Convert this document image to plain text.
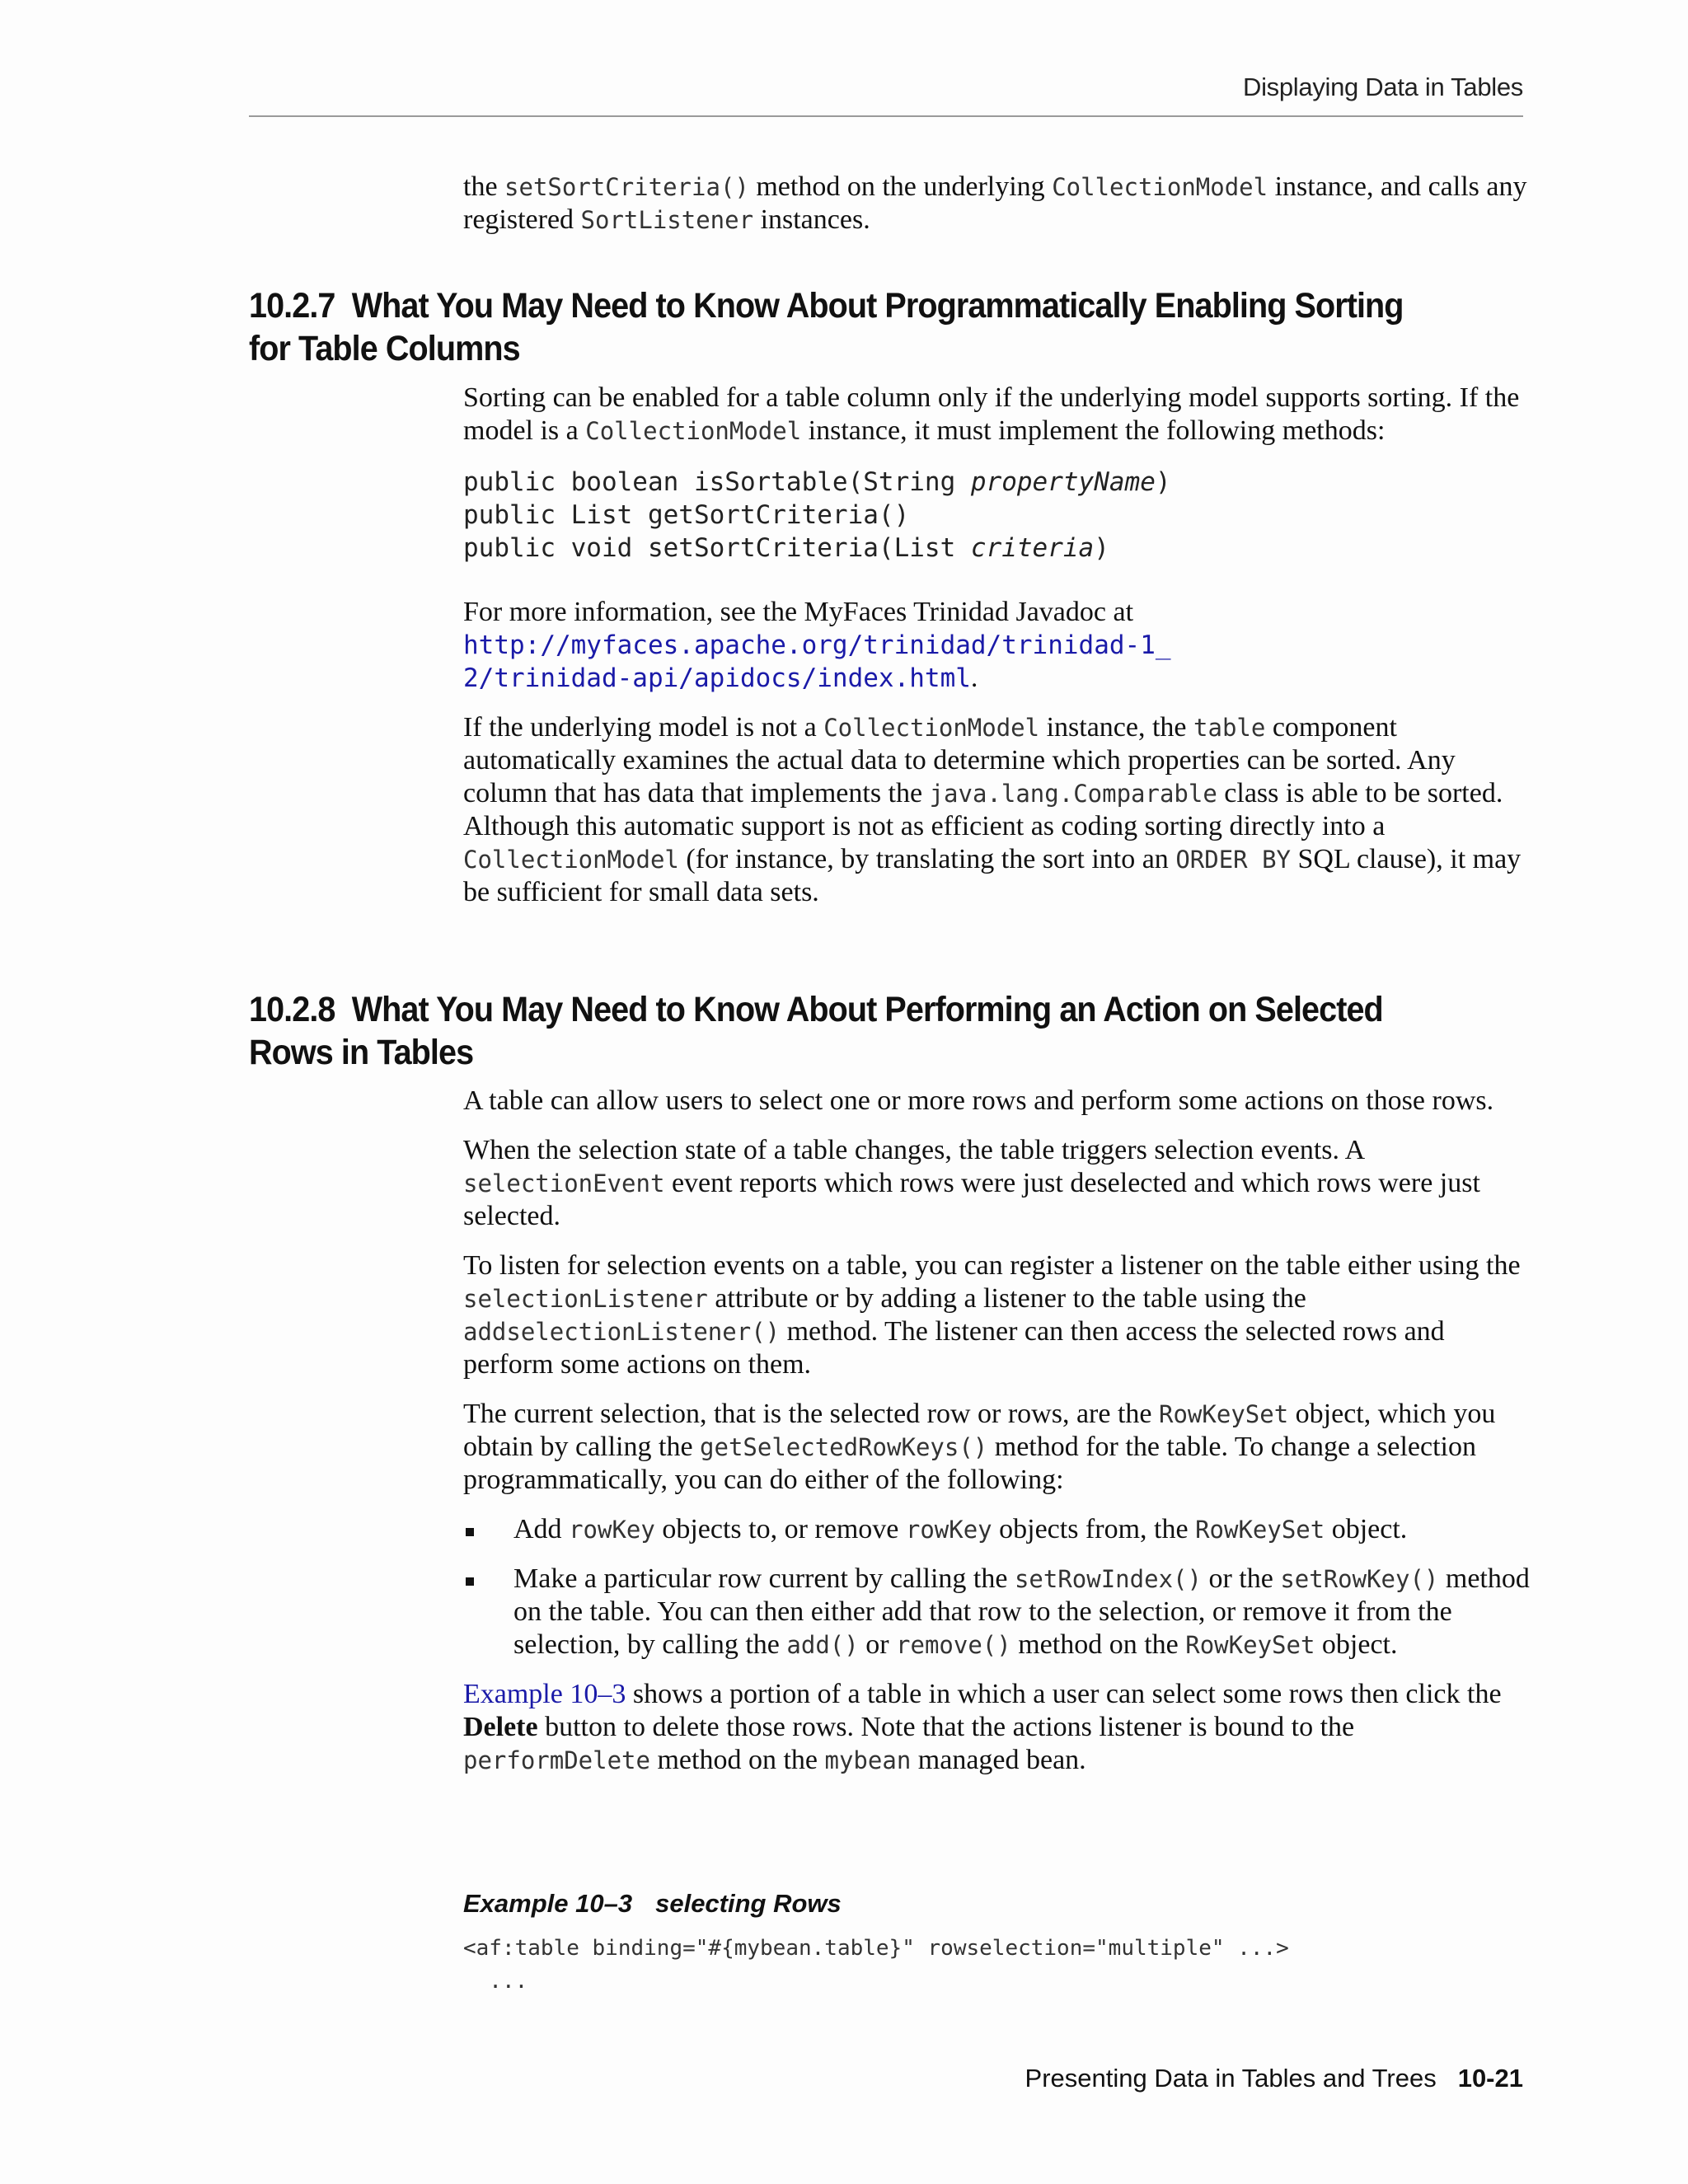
Displaying Data in Tables
the setSortCriteria() method on the underlying CollectionModel instance, and calls any registered SortListener instances.
10.2.7 What You May Need to Know About Programmatically Enabling Sorting for Table Columns

Sorting can be enabled for a table column only if the underlying model supports sorting. If the model is a CollectionModel instance, it must implement the following methods:

public boolean isSortable(String propertyName)
public List getSortCriteria()
public void setSortCriteria(List criteria)

For more information, see the MyFaces Trinidad Javadoc at
http://myfaces.apache.org/trinidad/trinidad-1_
2/trinidad-api/apidocs/index.html.

If the underlying model is not a CollectionModel instance, the table component automatically examines the actual data to determine which properties can be sorted. Any column that has data that implements the java.lang.Comparable class is able to be sorted. Although this automatic support is not as efficient as coding sorting directly into a CollectionModel (for instance, by translating the sort into an ORDER BY SQL clause), it may be sufficient for small data sets.

10.2.8 What You May Need to Know About Performing an Action on Selected Rows in Tables

A table can allow users to select one or more rows and perform some actions on those rows.

When the selection state of a table changes, the table triggers selection events. A selectionEvent event reports which rows were just deselected and which rows were just selected.

To listen for selection events on a table, you can register a listener on the table either using the selectionListener attribute or by adding a listener to the table using the addselectionListener() method. The listener can then access the selected rows and perform some actions on them.

The current selection, that is the selected row or rows, are the RowKeySet object, which you obtain by calling the getSelectedRowKeys() method for the table. To change a selection programmatically, you can do either of the following:

Add rowKey objects to, or remove rowKey objects from, the RowKeySet object.
Make a particular row current by calling the setRowIndex() or the setRowKey() method on the table. You can then either add that row to the selection, or remove it from the selection, by calling the add() or remove() method on the RowKeySet object.

Example 10–3 shows a portion of a table in which a user can select some rows then click the Delete button to delete those rows. Note that the actions listener is bound to the performDelete method on the mybean managed bean.

Example 10–3 selecting Rows
<af:table binding="#{mybean.table}" rowselection="multiple" ...>
...
Presenting Data in Tables and Trees 10-21
